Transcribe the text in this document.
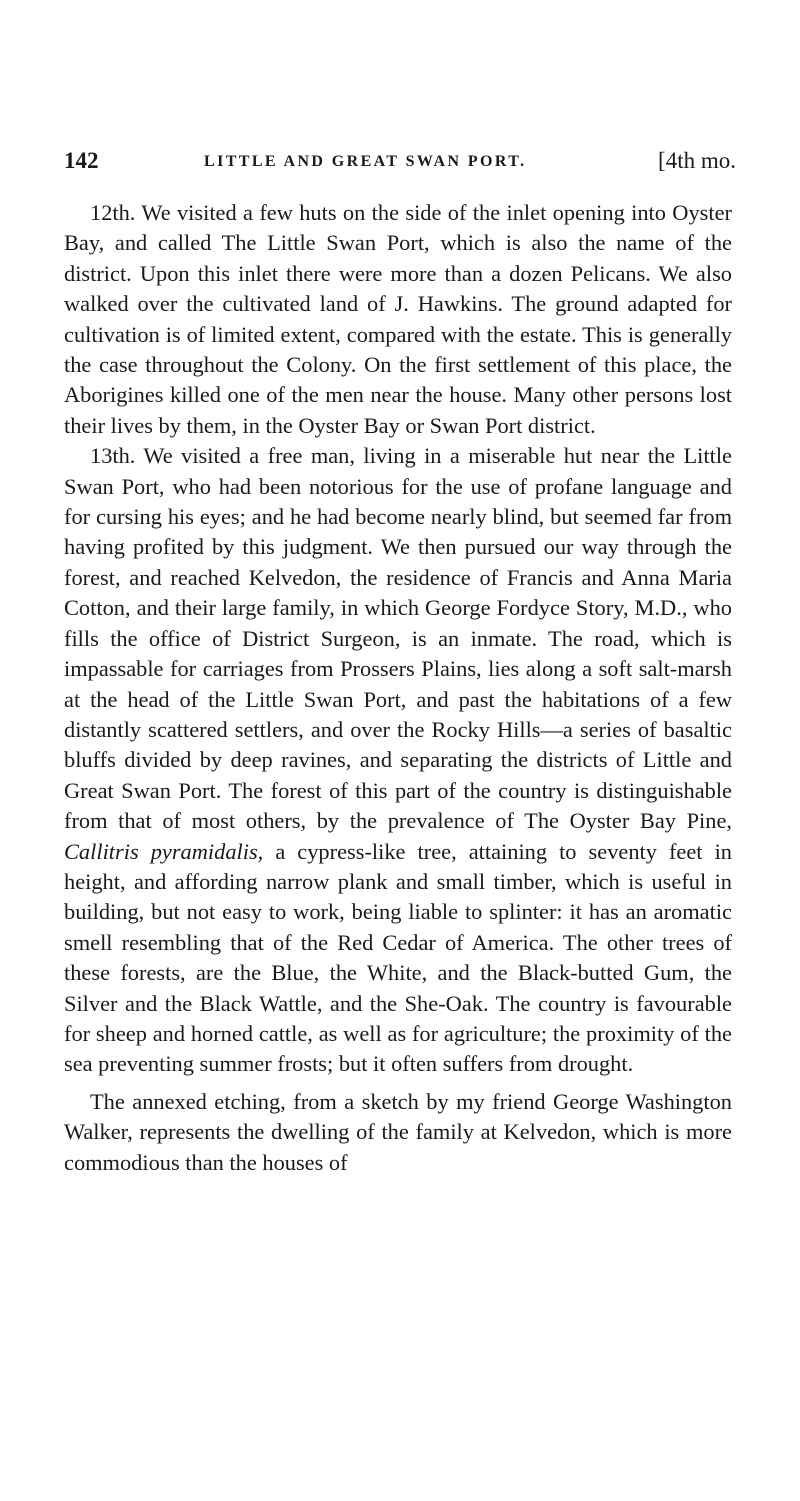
142	LITTLE AND GREAT SWAN PORT.	[4th mo.

12th. We visited a few huts on the side of the inlet opening into Oyster Bay, and called The Little Swan Port, which is also the name of the district. Upon this inlet there were more than a dozen Pelicans. We also walked over the cultivated land of J. Hawkins. The ground adapted for cultivation is of limited extent, compared with the estate. This is generally the case throughout the Colony. On the first settlement of this place, the Aborigines killed one of the men near the house. Many other persons lost their lives by them, in the Oyster Bay or Swan Port district.

13th. We visited a free man, living in a miserable hut near the Little Swan Port, who had been notorious for the use of profane language and for cursing his eyes; and he had become nearly blind, but seemed far from having profited by this judgment. We then pursued our way through the forest, and reached Kelvedon, the residence of Francis and Anna Maria Cotton, and their large family, in which George Fordyce Story, M.D., who fills the office of District Surgeon, is an inmate. The road, which is impassable for carriages from Prossers Plains, lies along a soft salt-marsh at the head of the Little Swan Port, and past the habitations of a few distantly scattered settlers, and over the Rocky Hills—a series of basaltic bluffs divided by deep ravines, and separating the districts of Little and Great Swan Port. The forest of this part of the country is distinguishable from that of most others, by the prevalence of The Oyster Bay Pine, Callitris pyramidalis, a cypress-like tree, attaining to seventy feet in height, and affording narrow plank and small timber, which is useful in building, but not easy to work, being liable to splinter: it has an aromatic smell resembling that of the Red Cedar of America. The other trees of these forests, are the Blue, the White, and the Black-butted Gum, the Silver and the Black Wattle, and the She-Oak. The country is favourable for sheep and horned cattle, as well as for agriculture; the proximity of the sea preventing summer frosts; but it often suffers from drought.

The annexed etching, from a sketch by my friend George Washington Walker, represents the dwelling of the family at Kelvedon, which is more commodious than the houses of
